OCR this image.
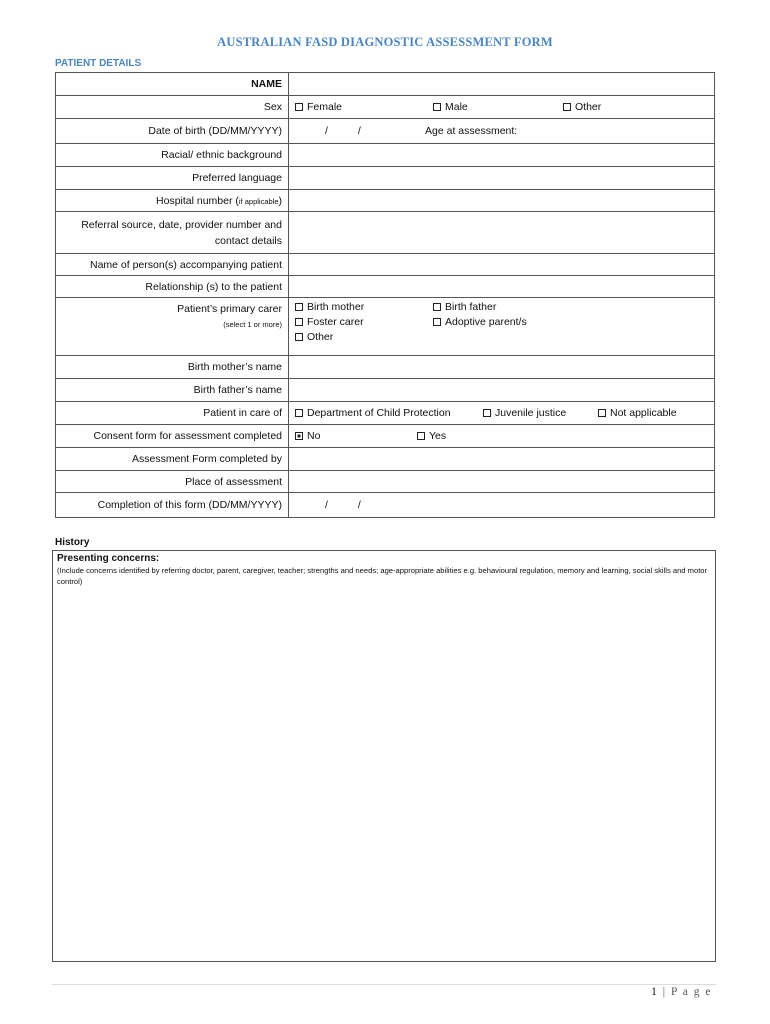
AUSTRALIAN FASD DIAGNOSTIC ASSESSMENT FORM
PATIENT DETAILS
NAME	
Sex	Female Male Other

Date of birth (DD/MM/YYYY)	/ / Age at assessment:
Racial/ ethnic background	
Preferred language	
Hospital number (if applicable)	

Referral source, date, provider number and
contact details	

Name of person(s) accompanying patient	
Relationship (s) to the patient	

Patient’s primary carer
(select 1 or more)	Birth mother Birth father
Foster carer Adoptive parent/s
Other

Birth mother’s name	
Birth father’s name	
Patient in care of	Department of Child Protection Juvenile justice Not applicable

Consent form for assessment completed	No Yes

Assessment Form completed by	
Place of assessment	
Completion of this form (DD/MM/YYYY)	/ /
History
Presenting concerns:
(Include concerns identified by referring doctor, parent, caregiver, teacher; strengths and needs; age-appropriate abilities e.g. behavioural regulation, memory and learning, social skills and motor control)
1 | P a g e
